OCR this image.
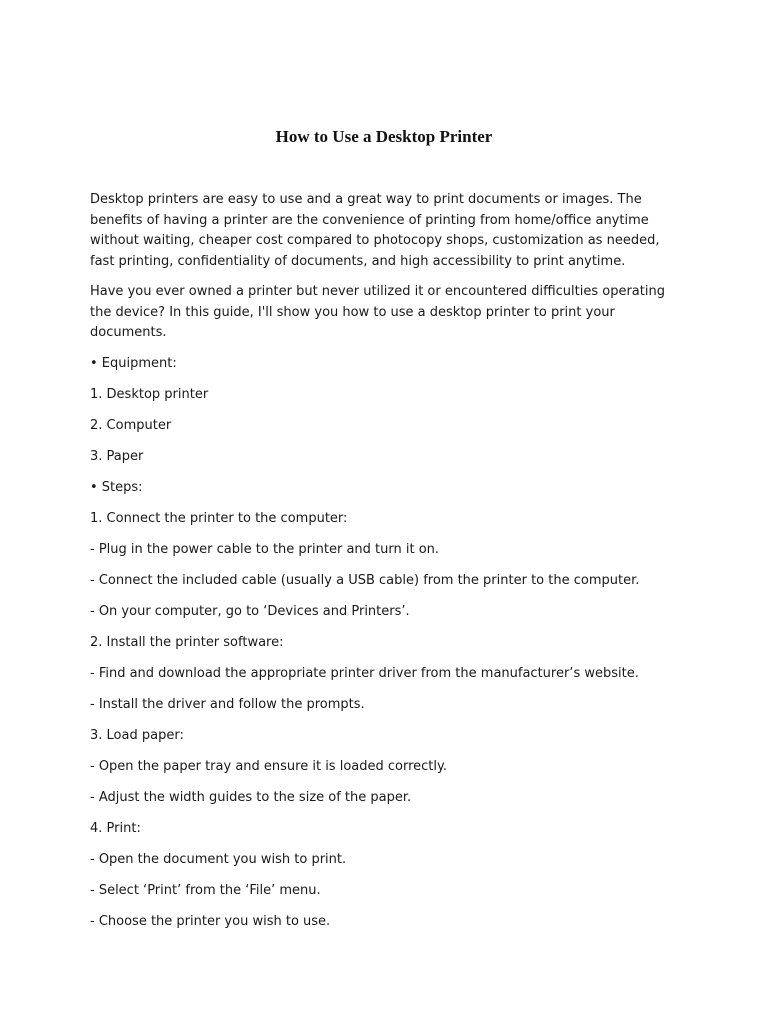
How to Use a Desktop Printer

Desktop printers are easy to use and a great way to print documents or images. The benefits of having a printer are the convenience of printing from home/office anytime without waiting, cheaper cost compared to photocopy shops, customization as needed, fast printing, confidentiality of documents, and high accessibility to print anytime.

Have you ever owned a printer but never utilized it or encountered difficulties operating the device? In this guide, I'll show you how to use a desktop printer to print your documents.

• Equipment:

1. Desktop printer

2. Computer

3. Paper

• Steps:

1. Connect the printer to the computer:

- Plug in the power cable to the printer and turn it on.

- Connect the included cable (usually a USB cable) from the printer to the computer.

- On your computer, go to ‘Devices and Printers’.

2. Install the printer software:

- Find and download the appropriate printer driver from the manufacturer’s website.

- Install the driver and follow the prompts.

3. Load paper:

- Open the paper tray and ensure it is loaded correctly.

- Adjust the width guides to the size of the paper.

4. Print:

- Open the document you wish to print.

- Select ‘Print’ from the ‘File’ menu.

- Choose the printer you wish to use.
